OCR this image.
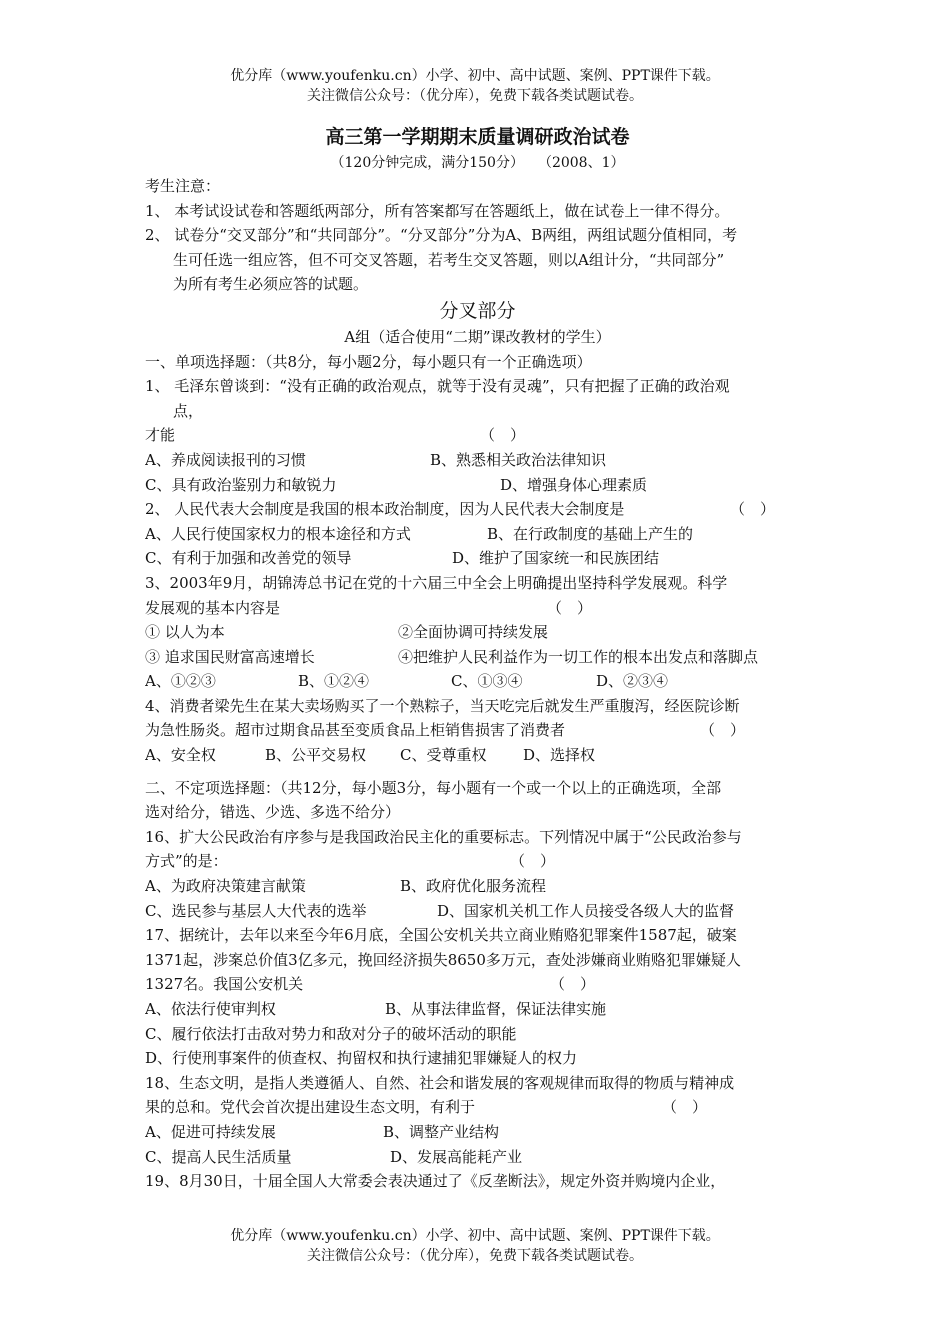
优分库（www.youfenku.cn）小学、初中、高中试题、案例、PPT课件下载。
关注微信公众号：（优分库），免费下载各类试题试卷。
高三第一学期期末质量调研政治试卷
（120分钟完成，满分150分）　　（2008、1）
考生注意：
1、 本考试设试卷和答题纸两部分，所有答案都写在答题纸上，做在试卷上一律不得分。
2、 试卷分“交叉部分”和“共同部分”。“分叉部分”分为A、B两组，两组试题分值相同，考
生可任选一组应答，但不可交叉答题，若考生交叉答题，则以A组计分，“共同部分”
为所有考生必须应答的试题。
分叉部分
A组（适合使用“二期”课改教材的学生）
一、单项选择题：（共8分，每小题2分，每小题只有一个正确选项）
1、 毛泽东曾谈到：“没有正确的政治观点，就等于没有灵魂”，只有把握了正确的政治观
点，
才能	（　）
A、养成阅读报刊的习惯	B、熟悉相关政治法律知识
C、具有政治鉴别力和敏锐力	D、增强身体心理素质
2、 人民代表大会制度是我国的根本政治制度，因为人民代表大会制度是	（　）
A、人民行使国家权力的根本途径和方式	B、在行政制度的基础上产生的
C、有利于加强和改善党的领导	D、维护了国家统一和民族团结
3、2003年9月，胡锦涛总书记在党的十六届三中全会上明确提出坚持科学发展观。科学
发展观的基本内容是	（　）
① 以人为本	②全面协调可持续发展
③ 追求国民财富高速增长	④把维护人民利益作为一切工作的根本出发点和落脚点
A、①②③	B、①②④	C、①③④	D、②③④
4、消费者梁先生在某大卖场购买了一个熟粽子，当天吃完后就发生严重腹泻，经医院诊断
为急性肠炎。超市过期食品甚至变质食品上柜销售损害了消费者	（　）
A、安全权	B、公平交易权 C、受尊重权 D、选择权
二、不定项选择题：（共12分，每小题3分，每小题有一个或一个以上的正确选项，全部
选对给分，错选、少选、多选不给分）
16、扩大公民政治有序参与是我国政治民主化的重要标志。下列情况中属于“公民政治参与
方式”的是：	（　）
A、为政府决策建言献策	B、政府优化服务流程
C、选民参与基层人大代表的选举	D、国家机关机工作人员接受各级人大的监督
17、据统计，去年以来至今年6月底，全国公安机关共立商业贿赂犯罪案件1587起，破案
1371起，涉案总价值3亿多元，挽回经济损失8650多万元，查处涉嫌商业贿赂犯罪嫌疑人
1327名。我国公安机关	（　）
A、依法行使审判权	B、从事法律监督，保证法律实施
C、履行依法打击敌对势力和敌对分子的破坏活动的职能
D、行使刑事案件的侦查权、拘留权和执行逮捕犯罪嫌疑人的权力
18、生态文明，是指人类遵循人、自然、社会和谐发展的客观规律而取得的物质与精神成
果的总和。党代会首次提出建设生态文明，有利于	（　）
A、促进可持续发展	B、调整产业结构
C、提高人民生活质量	D、发展高能耗产业
19、8月30日，十届全国人大常委会表决通过了《反垄断法》，规定外资并购境内企业，
优分库（www.youfenku.cn）小学、初中、高中试题、案例、PPT课件下载。
关注微信公众号：（优分库），免费下载各类试题试卷。
